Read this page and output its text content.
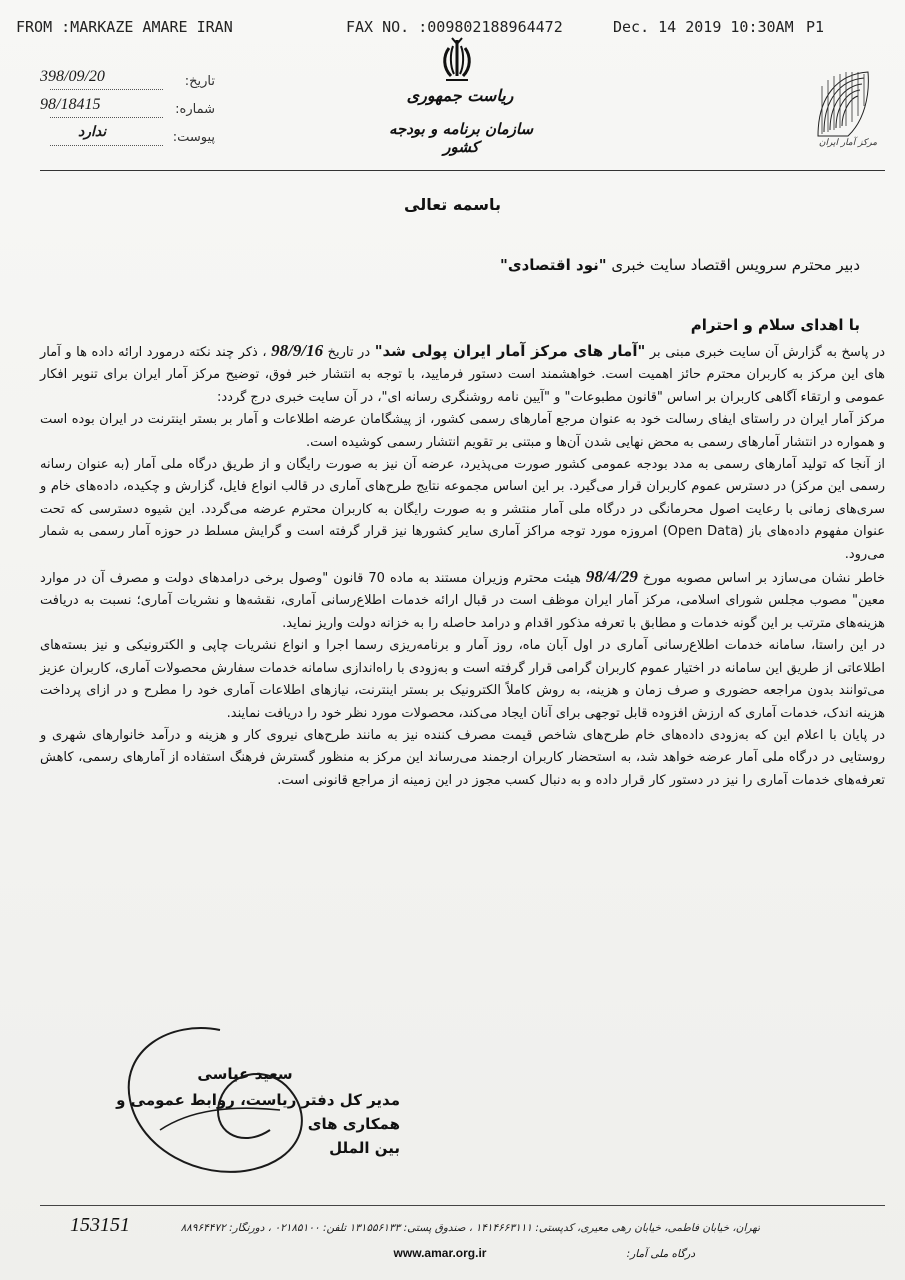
FROM :MARKAZE AMARE IRAN	FAX NO. :009802188964472	Dec. 14 2019 10:30AM P1
تاریخ:
398/09/20
شماره:
98/18415
پیوست:
ندارد
ریاست جمهوری
سازمان برنامه و بودجه کشور	مرکز آمار ایران
باسمه تعالی
دبیر محترم سرویس اقتصاد سایت خبری "نود اقتصادی"
با اهدای سلام و احترام

در پاسخ به گزارش آن سایت خبری مبنی بر "آمار های مرکز آمار ایران پولی شد" در تاریخ 98/9/16 ، ذکر چند نکته درمورد ارائه داده ها و آمار های این مرکز به کاربران محترم حائز اهمیت است. خواهشمند است دستور فرمایید، با توجه به انتشار خبر فوق، توضیح مرکز آمار ایران برای تنویر افکار عمومی و ارتقاء آگاهی کاربران بر اساس "قانون مطبوعات" و "آیین نامه روشنگری رسانه ای"، در آن سایت خبری درج گردد:

مرکز آمار ایران در راستای ایفای رسالت خود به عنوان مرجع آمارهای رسمی کشور، از پیشگامان عرضه اطلاعات و آمار بر بستر اینترنت در ایران بوده است و همواره در انتشار آمارهای رسمی به محض نهایی شدن آن‌ها و مبتنی بر تقویم انتشار رسمی کوشیده است.

از آنجا که تولید آمارهای رسمی به مدد بودجه عمومی کشور صورت می‌پذیرد، عرضه آن نیز به صورت رایگان و از طریق درگاه ملی آمار (به عنوان رسانه رسمی این مرکز) در دسترس عموم کاربران قرار می‌گیرد. بر این اساس مجموعه نتایج طرح‌های آماری در قالب انواع فایل، گزارش و چکیده، داده‌های خام و سری‌های زمانی با رعایت اصول محرمانگی در درگاه ملی آمار منتشر و به صورت رایگان به کاربران محترم عرضه می‌گردد. این شیوه دسترسی که تحت عنوان مفهوم داده‌های باز (Open Data) امروزه مورد توجه مراکز آماری سایر کشورها نیز قرار گرفته است و گرایش مسلط در حوزه آمار رسمی به شمار می‌رود.

خاطر نشان می‌سازد بر اساس مصوبه مورخ 98/4/29 هیئت محترم وزیران مستند به ماده 70 قانون "وصول برخی درامدهای دولت و مصرف آن در موارد معین" مصوب مجلس شورای اسلامی، مرکز آمار ایران موظف است در قبال ارائه خدمات اطلاع‌رسانی آماری، نقشه‌ها و نشریات آماری؛ نسبت به دریافت هزینه‌های مترتب بر این گونه خدمات و مطابق با تعرفه مذکور اقدام و درامد حاصله را به خزانه دولت واریز نماید.

در این راستا، سامانه خدمات اطلاع‌رسانی آماری در اول آبان ماه، روز آمار و برنامه‌ریزی رسما اجرا و انواع نشریات چاپی و الکترونیکی و نیز بسته‌های اطلاعاتی از طریق این سامانه در اختیار عموم کاربران گرامی قرار گرفته است و به‌زودی با راه‌اندازی سامانه خدمات سفارش محصولات آماری، کاربران عزیز می‌توانند بدون مراجعه حضوری و صرف زمان و هزینه، به روش کاملاً الکترونیک بر بستر اینترنت، نیازهای اطلاعات آماری خود را مطرح و در ازای پرداخت هزینه اندک، خدمات آماری که ارزش افزوده قابل توجهی برای آنان ایجاد می‌کند، محصولات مورد نظر خود را دریافت نمایند.

در پایان با اعلام این که به‌زودی داده‌های خام طرح‌های شاخص قیمت مصرف کننده نیز به مانند طرح‌های نیروی کار و هزینه و درآمد خانوارهای شهری و روستایی در درگاه ملی آمار عرضه خواهد شد، به استحضار کاربران ارجمند می‌رساند این مرکز به منظور گسترش فرهنگ استفاده از آمارهای رسمی، کاهش تعرفه‌های خدمات آماری را نیز در دستور کار قرار داده و به دنبال کسب مجوز در این زمینه از مراجع قانونی است.

سعید عباسی
مدیر کل دفتر ریاست، روابط عمومی و همکاری های
بین الملل
153151	تهران، خیابان فاطمی، خیابان رهی معیری، کدپستی: ۱۴۱۴۶۶۳۱۱۱ ، صندوق پستی: ۱۳۱۵۵۶۱۳۳ تلفن: ۰۲۱۸۵۱۰۰ ، دورنگار: ۸۸۹۶۴۴۷۲
درگاه ملی آمار:
www.amar.org.ir
